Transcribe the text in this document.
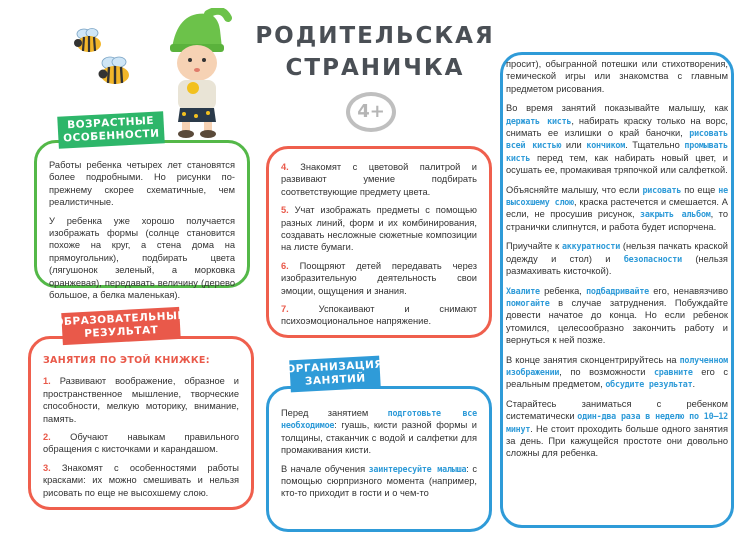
РОДИТЕЛЬСКАЯ
СТРАНИЧКА
4+
ВОЗРАСТНЫЕ
ОСОБЕННОСТИ

Работы ребенка четырех лет становятся более подробными. Но рисунки по-прежнему скорее схематичные, чем реалистичные.

У ребенка уже хорошо получается изображать формы (солнце становится похоже на круг, а стена дома на прямоугольник), подбирать цвета (лягушонок зеленый, а морковка оранжевая), передавать величину (дерево большое, а белка маленькая).

ОБРАЗОВАТЕЛЬНЫЙ
РЕЗУЛЬТАТ
ЗАНЯТИЯ ПО ЭТОЙ КНИЖКЕ:

1. Развивают воображение, образное и пространственное мышление, творческие способности, мелкую моторику, внимание, память.

2. Обучают навыкам правильного обращения с кисточками и карандашом.

3. Знакомят с особенностями работы красками: их можно смешивать и нельзя рисовать по еще не высохшему слою.

4. Знакомят с цветовой палитрой и развивают умение подбирать соответствующие предмету цвета.

5. Учат изображать предметы с помощью разных линий, форм и их комбинирования, создавать несложные сюжетные композиции на листе бумаги.

6. Поощряют детей передавать через изобразительную деятельность свои эмоции, ощущения и знания.

7.	Успокаивают и снимают психоэмоциональное напряжение.

ОРГАНИЗАЦИЯ
ЗАНЯТИЙ

Перед занятием подготовьте все необходимое: гуашь, кисти разной формы и толщины, стаканчик с водой и салфетки для промакивания кисти.

В начале обучения заинтересуйте малыша: с помощью сюрпризного момента (например, кто-то приходит в гости и о чем-то

просит), обыгранной потешки или стихотворения, темической игры или знакомства с главным предметом рисования.

Во время занятий показывайте малышу, как держать кисть, набирать краску только на ворс, снимать ее излишки о край баночки, рисовать всей кистью или кончиком. Тщательно промывать кисть перед тем, как набирать новый цвет, и осушать ее, промакивая тряпочкой или салфеткой.

Объясняйте малышу, что если рисовать по еще не высохшему слою, краска растечется и смешается. А если, не просушив рисунок, закрыть альбом, то странички слипнутся, и работа будет испорчена.

Приучайте к аккуратности (нельзя пачкать краской одежду и стол) и безопасности (нельзя размахивать кисточкой).

Хвалите ребенка, подбадривайте его, ненавязчиво помогайте в случае затруднения. Побуждайте довести начатое до конца. Но если ребенок утомился, целесообразно закончить работу и вернуться к ней позже.

В конце занятия сконцентрируйтесь на полученном изображении, по возможности сравните его с реальным предметом, обсудите результат.

Старайтесь заниматься с ребенком систематически один-два раза в неделю по 10–12 минут. Не стоит проходить больше одного занятия за день. При кажущейся простоте они довольно сложны для ребенка.
